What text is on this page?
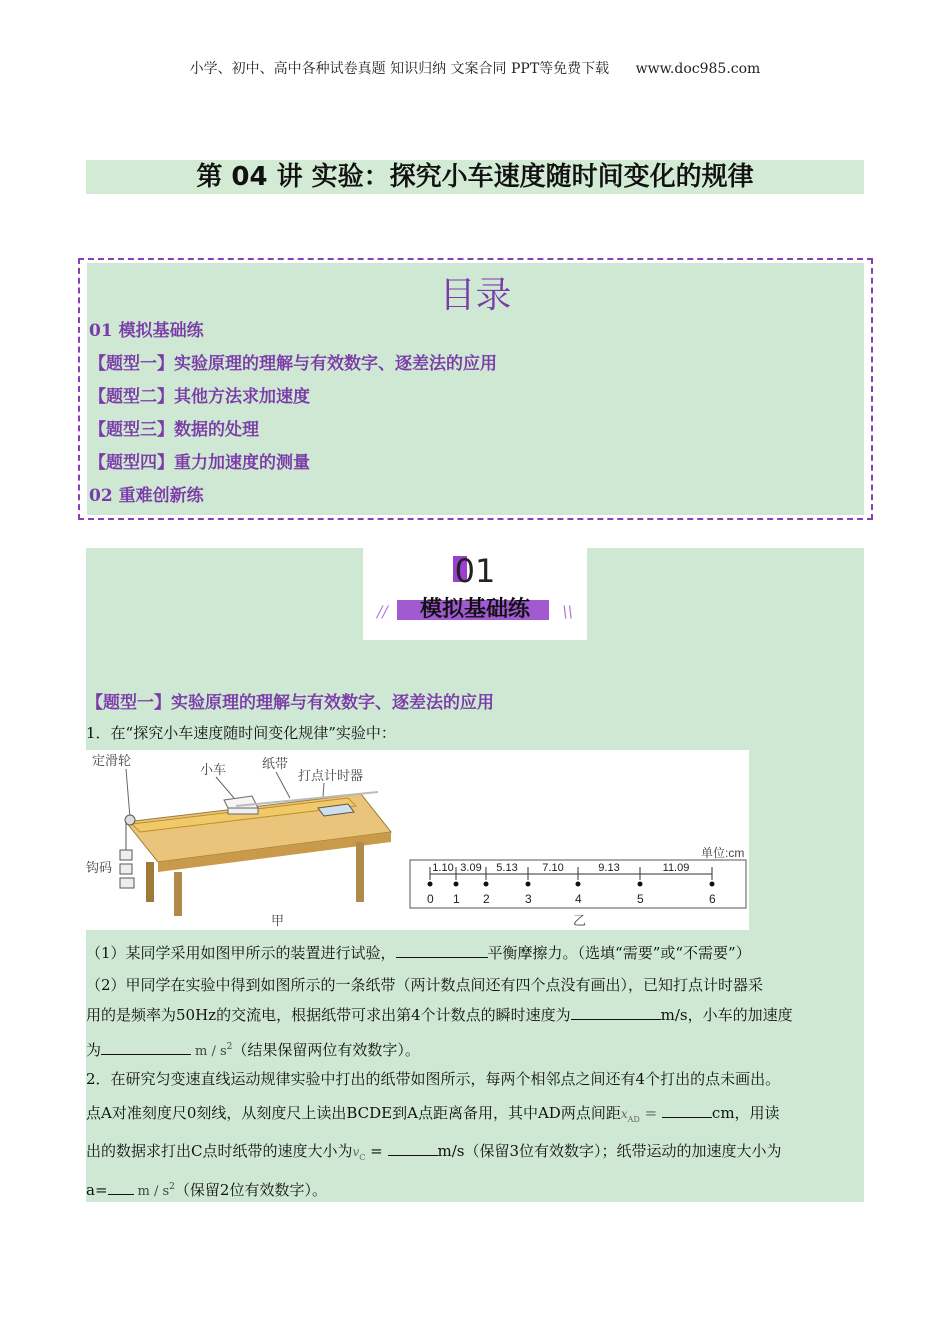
小学、初中、高中各种试卷真题 知识归纳 文案合同 PPT等免费下载 www.doc985.com
第 04 讲 实验：探究小车速度随时间变化的规律
目录
01 模拟基础练
【题型一】实验原理的理解与有效数字、逐差法的应用
【题型二】其他方法求加速度
【题型三】数据的处理
【题型四】重力加速度的测量
02 重难创新练
01
模拟基础练
//	\\
【题型一】实验原理的理解与有效数字、逐差法的应用
1．在“探究小车速度随时间变化规律”实验中：
定滑轮
小车	纸带
打点计时器
钩码
甲	乙
单位:cm
0 1 2	3	4	5	6
1.10 3.09 5.13 7.10	9.13	11.09
（1）某同学采用如图甲所示的装置进行试验，	平衡摩擦力。（选填“需要”或“不需要”）
（2）甲同学在实验中得到如图所示的一条纸带（两计数点间还有四个点没有画出），已知打点计时器采
用的是频率为50Hz的交流电，根据纸带可求出第4个计数点的瞬时速度为	m/s，小车的加速度
为	m / $s^2$（结果保留两位有效数字）。
2．在研究匀变速直线运动规律实验中打出的纸带如图所示，每两个相邻点之间还有4个打出的点未画出。
点A对准刻度尺0刻线，从刻度尺上读出BCDE到A点距离备用，其中AD两点间距$x_{AD}$ =	cm，用读
出的数据求打出C点时纸带的速度大小为$v_C$ =	m/s（保留3位有效数字）；纸带运动的加速度大小为
$a= m / s^2$（保留2位有效数字）。
